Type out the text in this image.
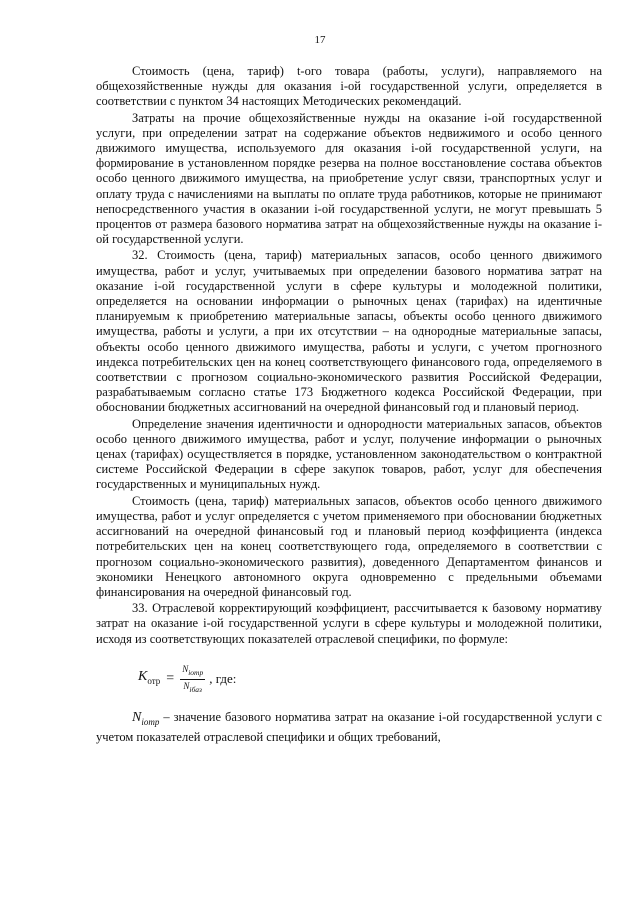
17

Стоимость (цена, тариф) t-ого товара (работы, услуги), направляемого на общехозяйственные нужды для оказания i-ой государственной услуги, определяется в соответствии с пунктом 34 настоящих Методических рекомендаций.

Затраты на прочие общехозяйственные нужды на оказание i-ой государственной услуги, при определении затрат на содержание объектов недвижимого и особо ценного движимого имущества, используемого для оказания i-ой государственной услуги, на формирование в установленном порядке резерва на полное восстановление состава объектов особо ценного движимого имущества, на приобретение услуг связи, транспортных услуг и оплату труда с начислениями на выплаты по оплате труда работников, которые не принимают непосредственного участия в оказании i-ой государственной услуги, не могут превышать 5 процентов от размера базового норматива затрат на общехозяйственные нужды на оказание i-ой государственной услуги.

32. Стоимость (цена, тариф) материальных запасов, особо ценного движимого имущества, работ и услуг, учитываемых при определении базового норматива затрат на оказание i-ой государственной услуги в сфере культуры и молодежной политики, определяется на основании информации о рыночных ценах (тарифах) на идентичные планируемым к приобретению материальные запасы, объекты особо ценного движимого имущества, работы и услуги, а при их отсутствии – на однородные материальные запасы, объекты особо ценного движимого имущества, работы и услуги, с учетом прогнозного индекса потребительских цен на конец соответствующего финансового года, определяемого в соответствии с прогнозом социально-экономического развития Российской Федерации, разрабатываемым согласно статье 173 Бюджетного кодекса Российской Федерации, при обосновании бюджетных ассигнований на очередной финансовый год и плановый период.

Определение значения идентичности и однородности материальных запасов, объектов особо ценного движимого имущества, работ и услуг, получение информации о рыночных ценах (тарифах) осуществляется в порядке, установленном законодательством о контрактной системе Российской Федерации в сфере закупок товаров, работ, услуг для обеспечения государственных и муниципальных нужд.

Стоимость (цена, тариф) материальных запасов, объектов особо ценного движимого имущества, работ и услуг определяется с учетом применяемого при обосновании бюджетных ассигнований на очередной финансовый год и плановый период коэффициента (индекса потребительских цен на конец соответствующего года, определяемого в соответствии с прогнозом социально-экономического развития), доведенного Департаментом финансов и экономики Ненецкого автономного округа одновременно с предельными объемами финансирования на очередной финансовый год.

33. Отраслевой корректирующий коэффициент, рассчитывается к базовому нормативу затрат на оказание i-ой государственной услуги в сфере культуры и молодежной политики, исходя из соответствующих показателей отраслевой специфики, по формуле:

$K_{отр} = \frac{N_{iотр}}{N_{iбаз}}$ , где:

$N_{iотр}$ – значение базового норматива затрат на оказание i-ой государственной услуги с учетом показателей отраслевой специфики и общих требований,
